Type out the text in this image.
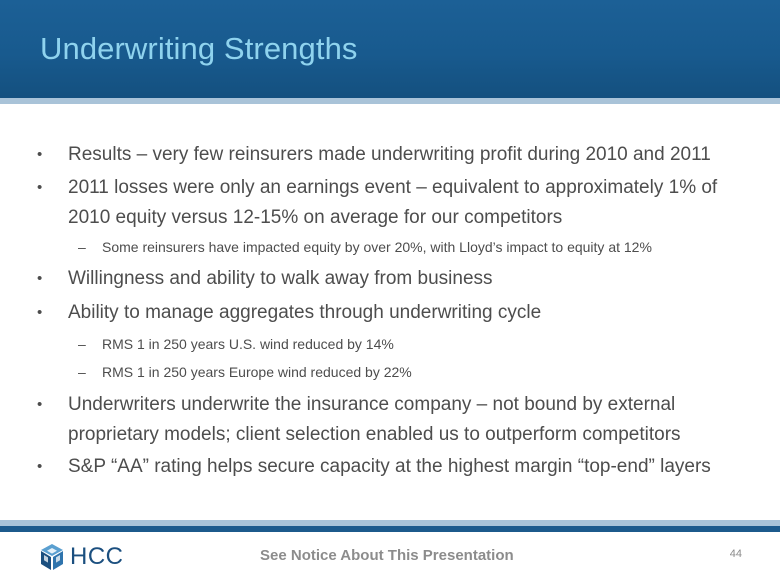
Underwriting Strengths
• Results – very few reinsurers made underwriting profit during 2010 and 2011
• 2011 losses were only an earnings event – equivalent to approximately 1% of 2010 equity versus 12-15% on average for our competitors
– Some reinsurers have impacted equity by over 20%, with Lloyd’s impact to equity at 12%
• Willingness and ability to walk away from business
• Ability to manage aggregates through underwriting cycle
– RMS 1 in 250 years U.S. wind reduced by 14%
– RMS 1 in 250 years Europe wind reduced by 22%
• Underwriters underwrite the insurance company – not bound by external proprietary models; client selection enabled us to outperform competitors
• S&P “AA” rating helps secure capacity at the highest margin “top-end” layers
HCC	See Notice About This Presentation	44
